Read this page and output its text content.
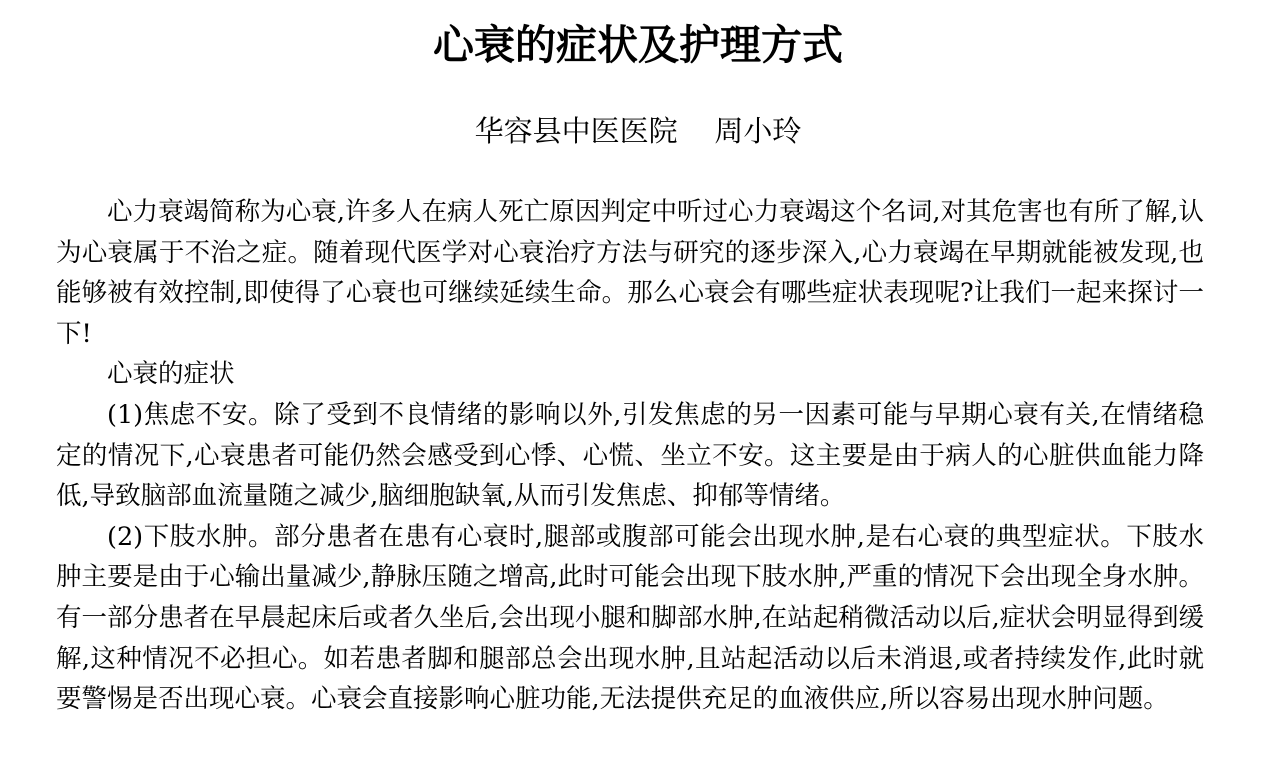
心衰的症状及护理方式
华容县中医医院    周小玲

心力衰竭简称为心衰,许多人在病人死亡原因判定中听过心力衰竭这个名词,对其危害也有所了解,认为心衰属于不治之症。随着现代医学对心衰治疗方法与研究的逐步深入,心力衰竭在早期就能被发现,也能够被有效控制,即使得了心衰也可继续延续生命。那么心衰会有哪些症状表现呢?让我们一起来探讨一下!

心衰的症状

(1)焦虑不安。除了受到不良情绪的影响以外,引发焦虑的另一因素可能与早期心衰有关,在情绪稳定的情况下,心衰患者可能仍然会感受到心悸、心慌、坐立不安。这主要是由于病人的心脏供血能力降低,导致脑部血流量随之减少,脑细胞缺氧,从而引发焦虑、抑郁等情绪。

(2)下肢水肿。部分患者在患有心衰时,腿部或腹部可能会出现水肿,是右心衰的典型症状。下肢水肿主要是由于心输出量减少,静脉压随之增高,此时可能会出现下肢水肿,严重的情况下会出现全身水肿。有一部分患者在早晨起床后或者久坐后,会出现小腿和脚部水肿,在站起稍微活动以后,症状会明显得到缓解,这种情况不必担心。如若患者脚和腿部总会出现水肿,且站起活动以后未消退,或者持续发作,此时就要警惕是否出现心衰。心衰会直接影响心脏功能,无法提供充足的血液供应,所以容易出现水肿问题。
